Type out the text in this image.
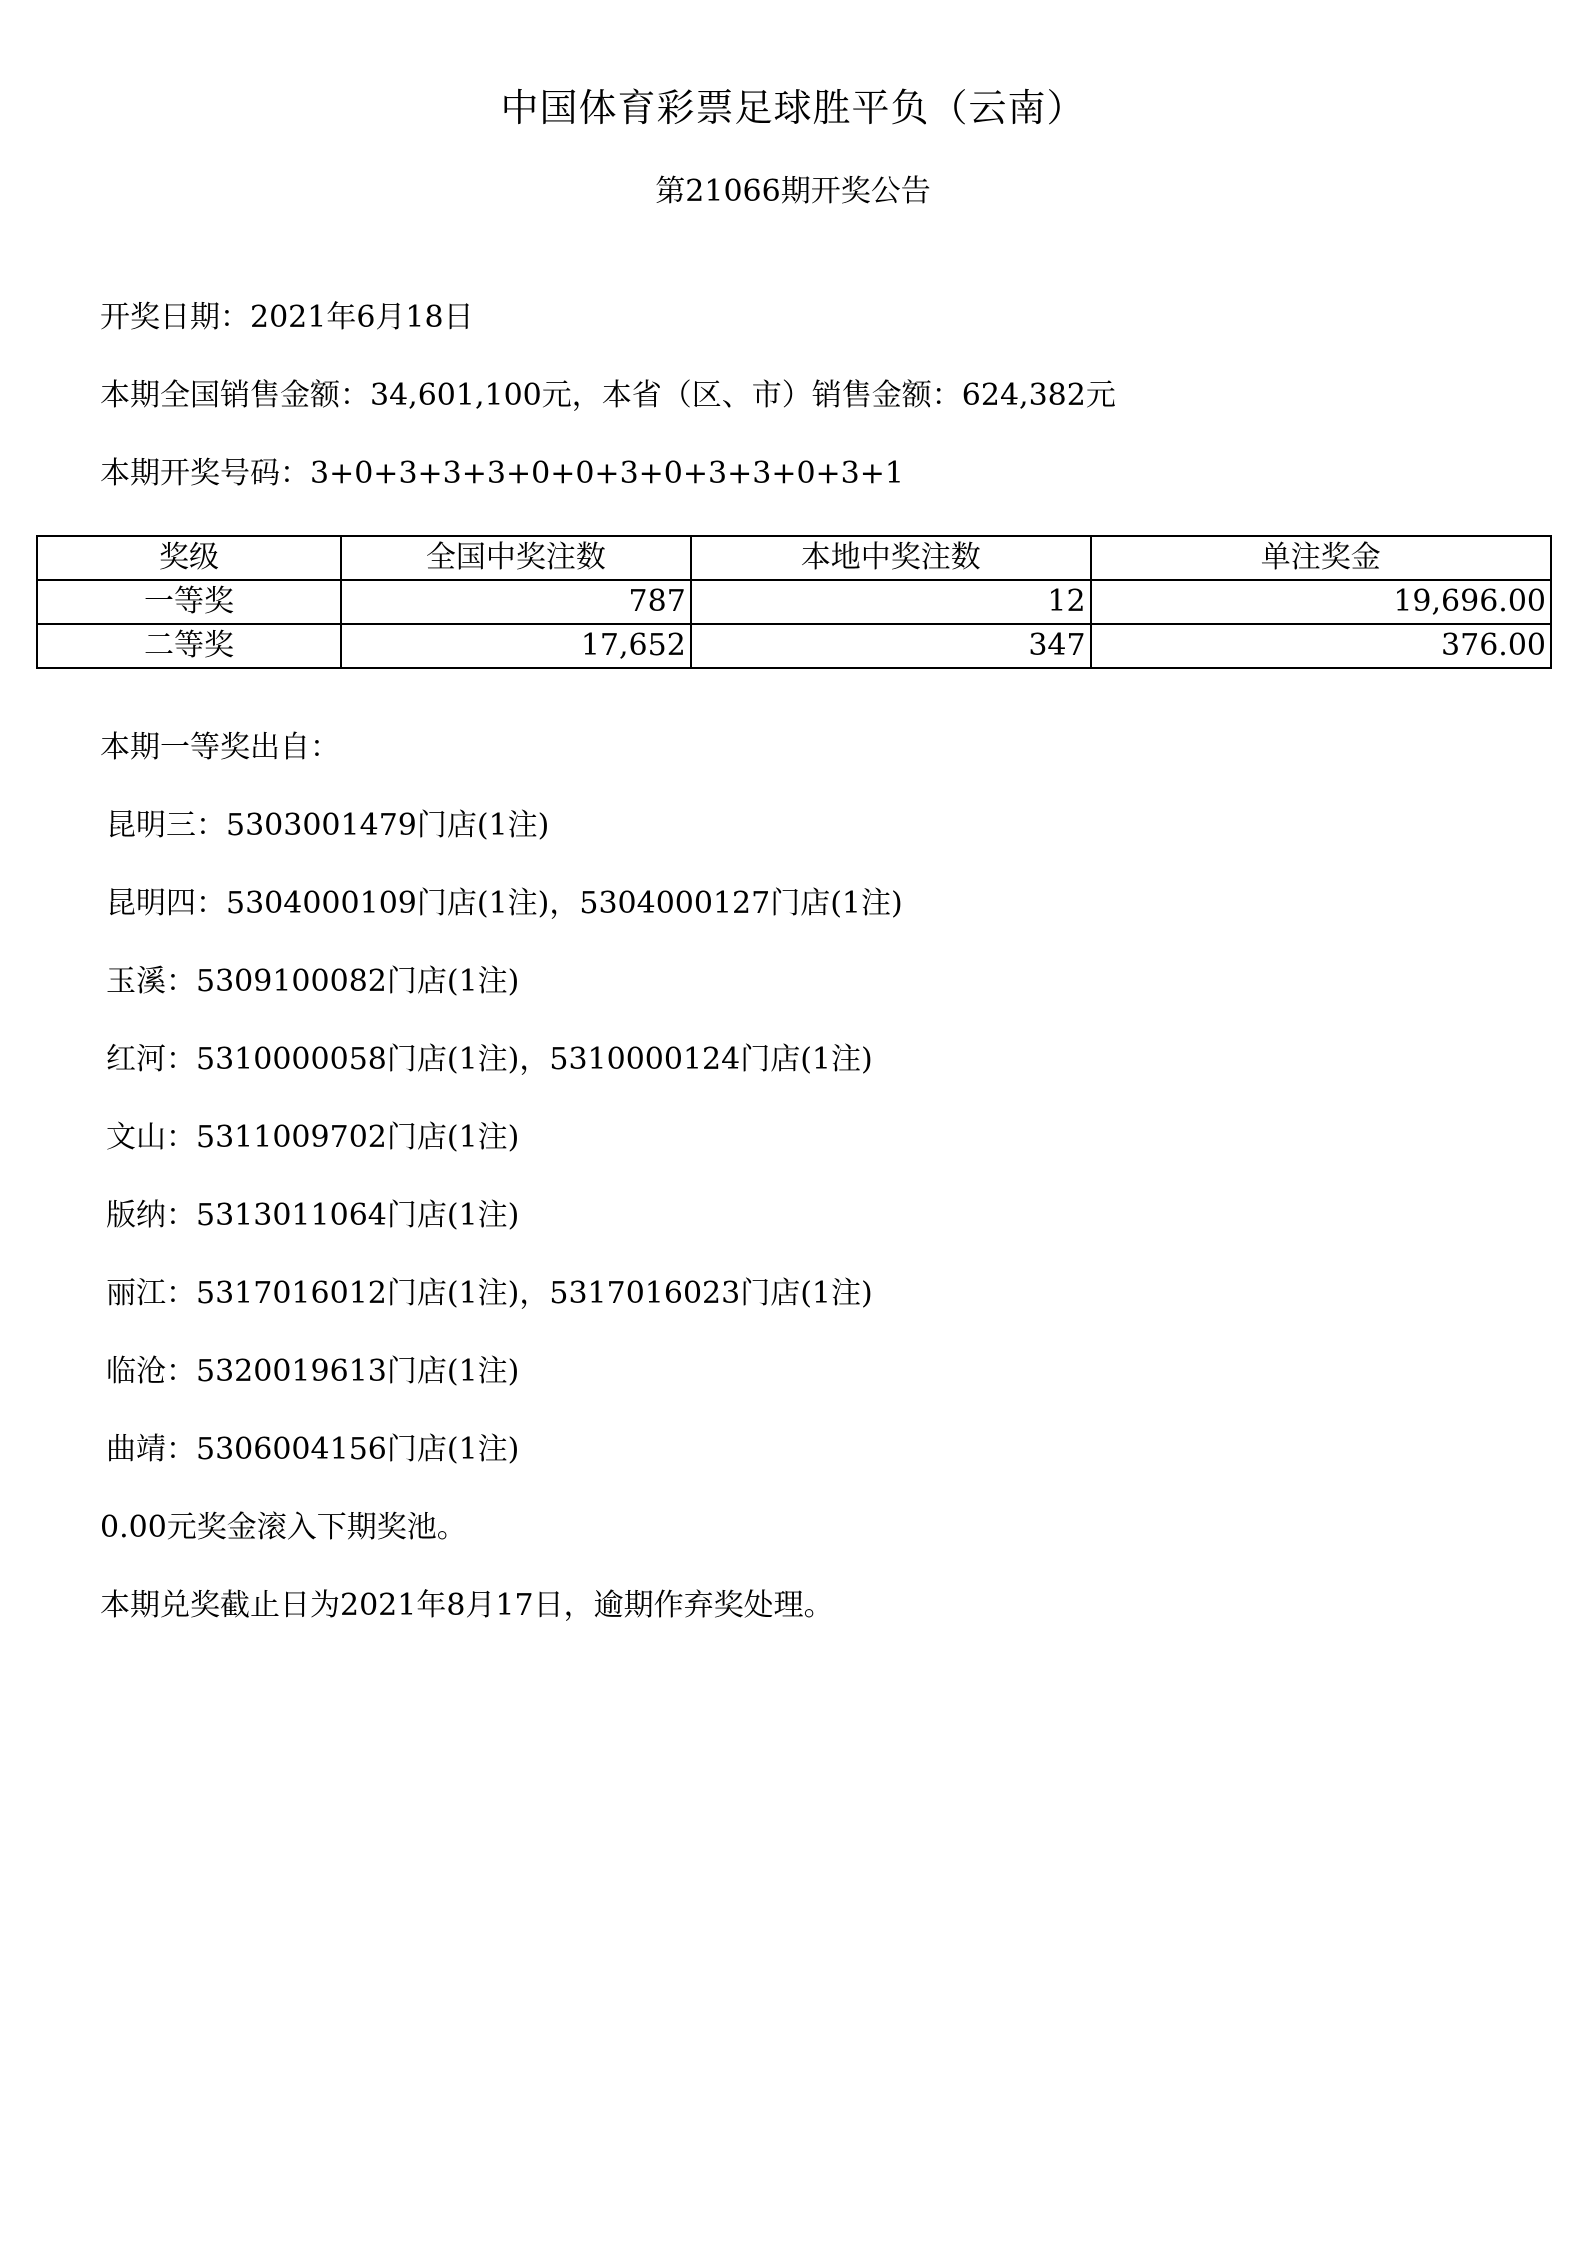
中国体育彩票足球胜平负（云南）
第21066期开奖公告
开奖日期：2021年6月18日
本期全国销售金额：34,601,100元，本省（区、市）销售金额：624,382元
本期开奖号码：3+0+3+3+3+0+0+3+0+3+3+0+3+1
奖级	全国中奖注数	本地中奖注数	单注奖金
一等奖	787	12	19,696.00
二等奖	17,652	347	376.00
本期一等奖出自：
昆明三：5303001479门店(1注)
昆明四：5304000109门店(1注)，5304000127门店(1注)
玉溪：5309100082门店(1注)
红河：5310000058门店(1注)，5310000124门店(1注)
文山：5311009702门店(1注)
版纳：5313011064门店(1注)
丽江：5317016012门店(1注)，5317016023门店(1注)
临沧：5320019613门店(1注)
曲靖：5306004156门店(1注)
0.00元奖金滚入下期奖池。
本期兑奖截止日为2021年8月17日，逾期作弃奖处理。
